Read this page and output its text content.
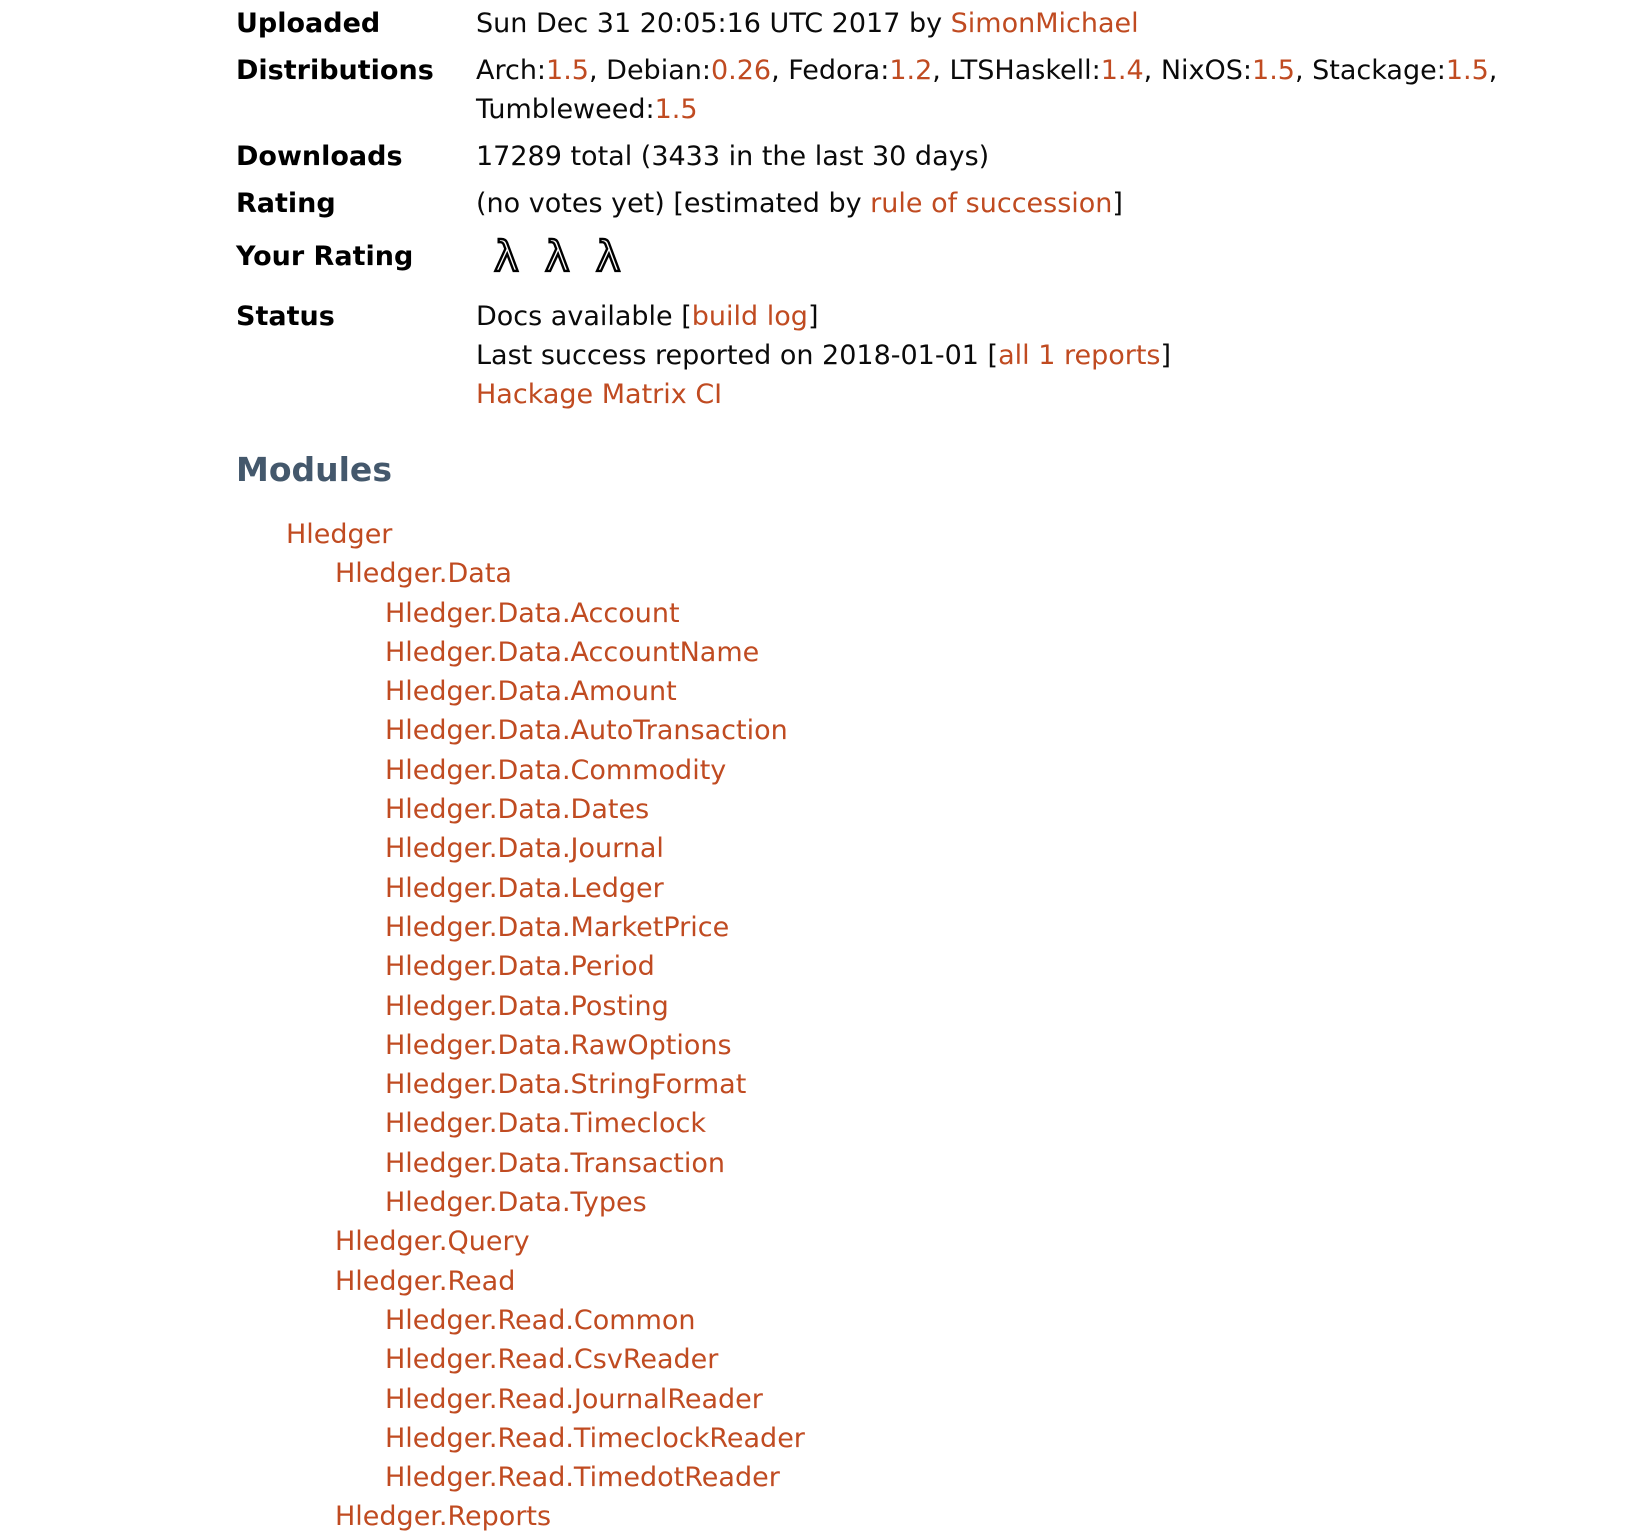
Uploaded	Sun Dec 31 20:05:16 UTC 2017 by SimonMichael
Distributions	Arch:1.5, Debian:0.26, Fedora:1.2, LTSHaskell:1.4, NixOS:1.5, Stackage:1.5, Tumbleweed:1.5
Downloads	17289 total (3433 in the last 30 days)
Rating	(no votes yet) [estimated by rule of succession]
Your Rating	λ λ λ
Status	Docs available [build log]
Last success reported on 2018-01-01 [all 1 reports]
Hackage Matrix CI
Modules
Hledger
Hledger.Data
Hledger.Data.Account
Hledger.Data.AccountName
Hledger.Data.Amount
Hledger.Data.AutoTransaction
Hledger.Data.Commodity
Hledger.Data.Dates
Hledger.Data.Journal
Hledger.Data.Ledger
Hledger.Data.MarketPrice
Hledger.Data.Period
Hledger.Data.Posting
Hledger.Data.RawOptions
Hledger.Data.StringFormat
Hledger.Data.Timeclock
Hledger.Data.Transaction
Hledger.Data.Types
Hledger.Query
Hledger.Read
Hledger.Read.Common
Hledger.Read.CsvReader
Hledger.Read.JournalReader
Hledger.Read.TimeclockReader
Hledger.Read.TimedotReader
Hledger.Reports
